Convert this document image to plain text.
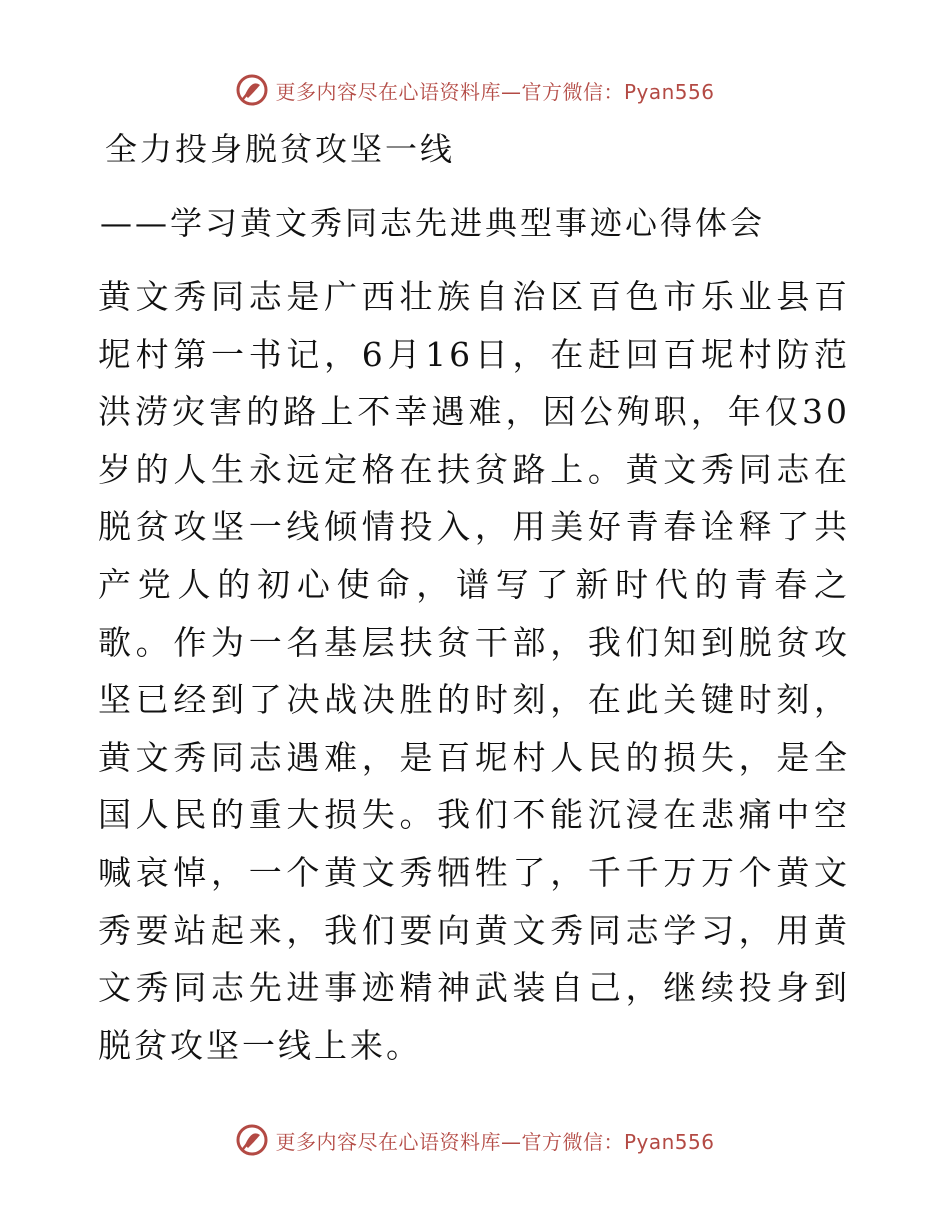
更多内容尽在心语资料库—官方微信：Pyan556
全力投身脱贫攻坚一线
——学习黄文秀同志先进典型事迹心得体会

黄文秀同志是广西壮族自治区百色市乐业县百坭村第一书记，6月16日，在赶回百坭村防范洪涝灾害的路上不幸遇难，因公殉职，年仅30岁的人生永远定格在扶贫路上。黄文秀同志在脱贫攻坚一线倾情投入，用美好青春诠释了共产党人的初心使命，谱写了新时代的青春之歌。作为一名基层扶贫干部，我们知到脱贫攻坚已经到了决战决胜的时刻，在此关键时刻，黄文秀同志遇难，是百坭村人民的损失，是全国人民的重大损失。我们不能沉浸在悲痛中空喊哀悼，一个黄文秀牺牲了，千千万万个黄文秀要站起来，我们要向黄文秀同志学习，用黄文秀同志先进事迹精神武装自己，继续投身到脱贫攻坚一线上来。

更多内容尽在心语资料库—官方微信：Pyan556
